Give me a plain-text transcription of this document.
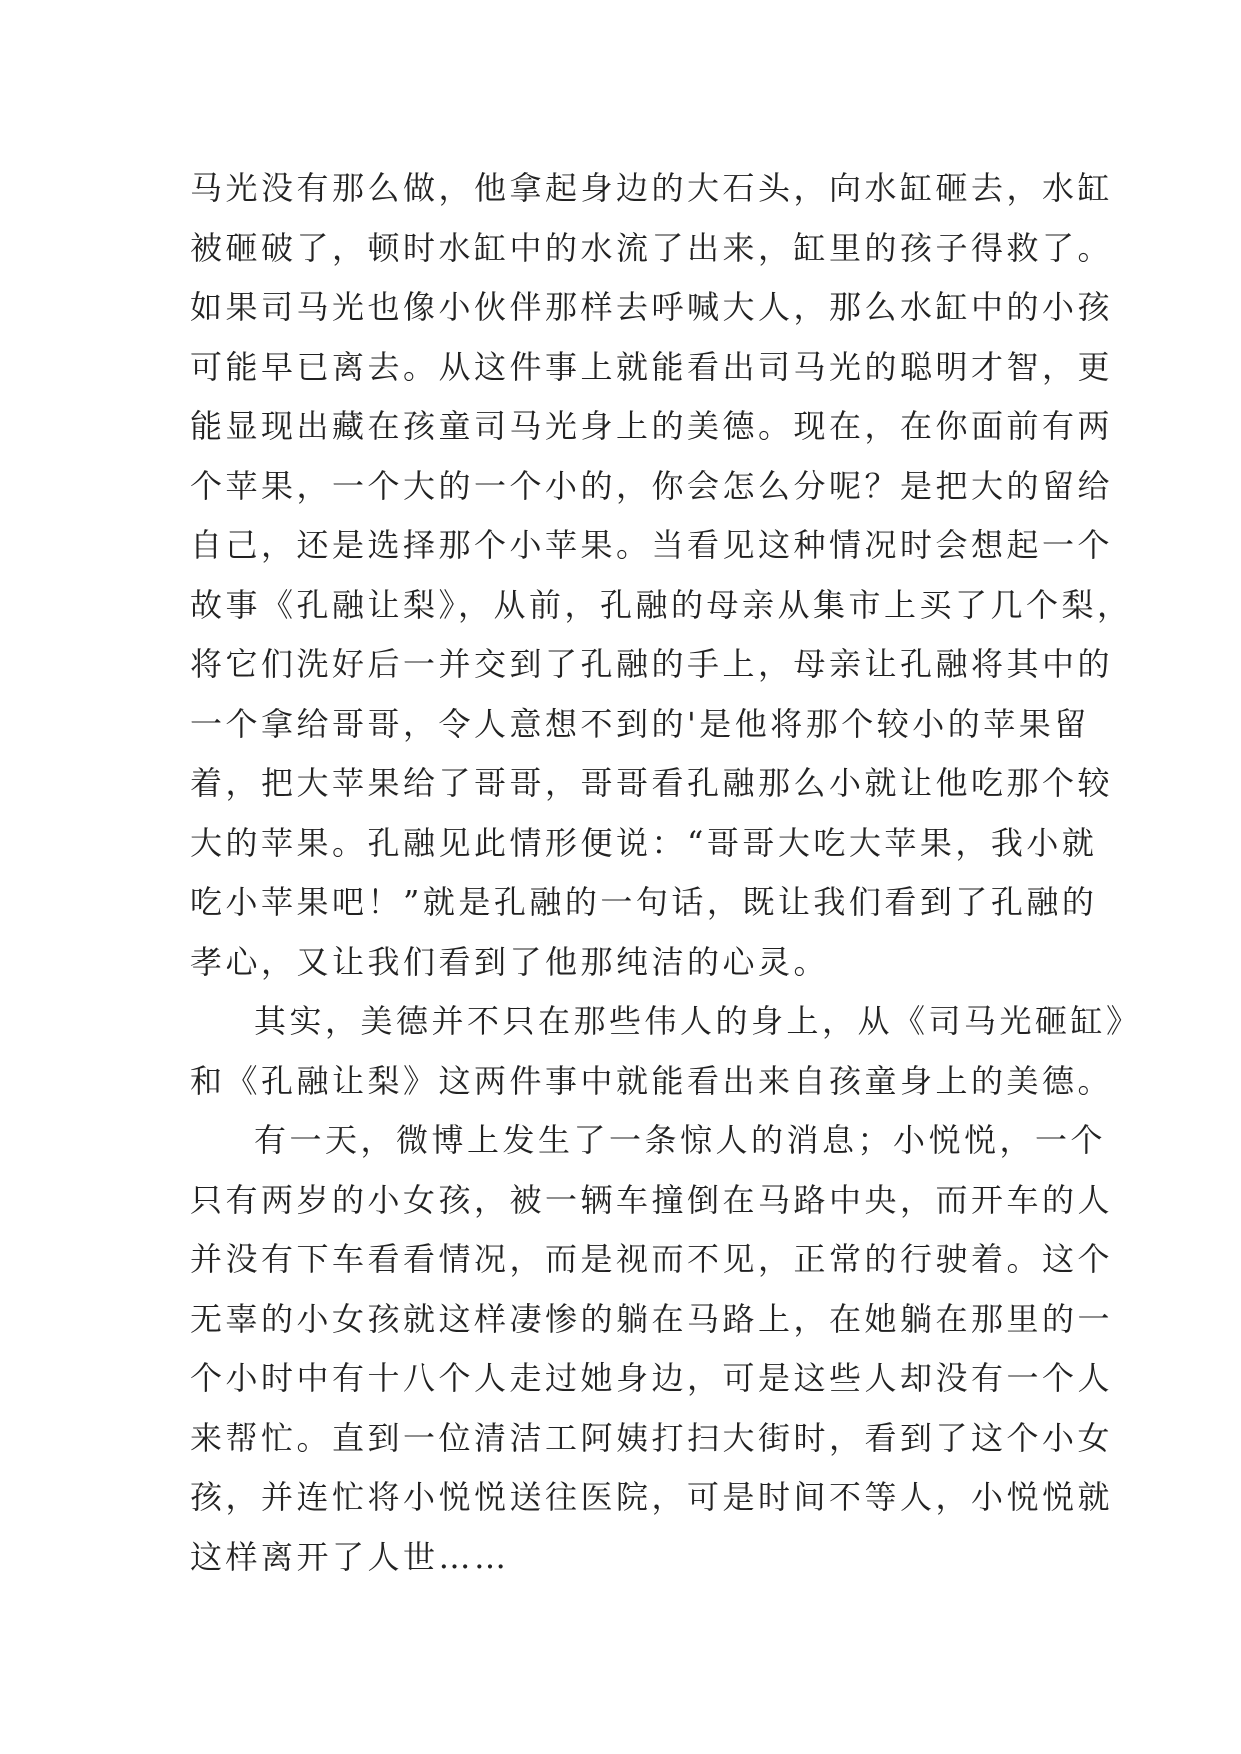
马光没有那么做，他拿起身边的大石头，向水缸砸去，水缸
被砸破了，顿时水缸中的水流了出来，缸里的孩子得救了。
如果司马光也像小伙伴那样去呼喊大人，那么水缸中的小孩
可能早已离去。从这件事上就能看出司马光的聪明才智，更
能显现出藏在孩童司马光身上的美德。现在，在你面前有两
个苹果，一个大的一个小的，你会怎么分呢？是把大的留给
自己，还是选择那个小苹果。当看见这种情况时会想起一个
故事《孔融让梨》，从前，孔融的母亲从集市上买了几个梨，
将它们洗好后一并交到了孔融的手上，母亲让孔融将其中的
一个拿给哥哥，令人意想不到的'是他将那个较小的苹果留
着，把大苹果给了哥哥，哥哥看孔融那么小就让他吃那个较
大的苹果。孔融见此情形便说：“哥哥大吃大苹果，我小就
吃小苹果吧！”就是孔融的一句话，既让我们看到了孔融的
孝心，又让我们看到了他那纯洁的心灵。
其实，美德并不只在那些伟人的身上，从《司马光砸缸》
和《孔融让梨》这两件事中就能看出来自孩童身上的美德。
有一天，微博上发生了一条惊人的消息；小悦悦，一个
只有两岁的小女孩，被一辆车撞倒在马路中央，而开车的人
并没有下车看看情况，而是视而不见，正常的行驶着。这个
无辜的小女孩就这样凄惨的躺在马路上，在她躺在那里的一
个小时中有十八个人走过她身边，可是这些人却没有一个人
来帮忙。直到一位清洁工阿姨打扫大街时，看到了这个小女
孩，并连忙将小悦悦送往医院，可是时间不等人，小悦悦就
这样离开了人世……
